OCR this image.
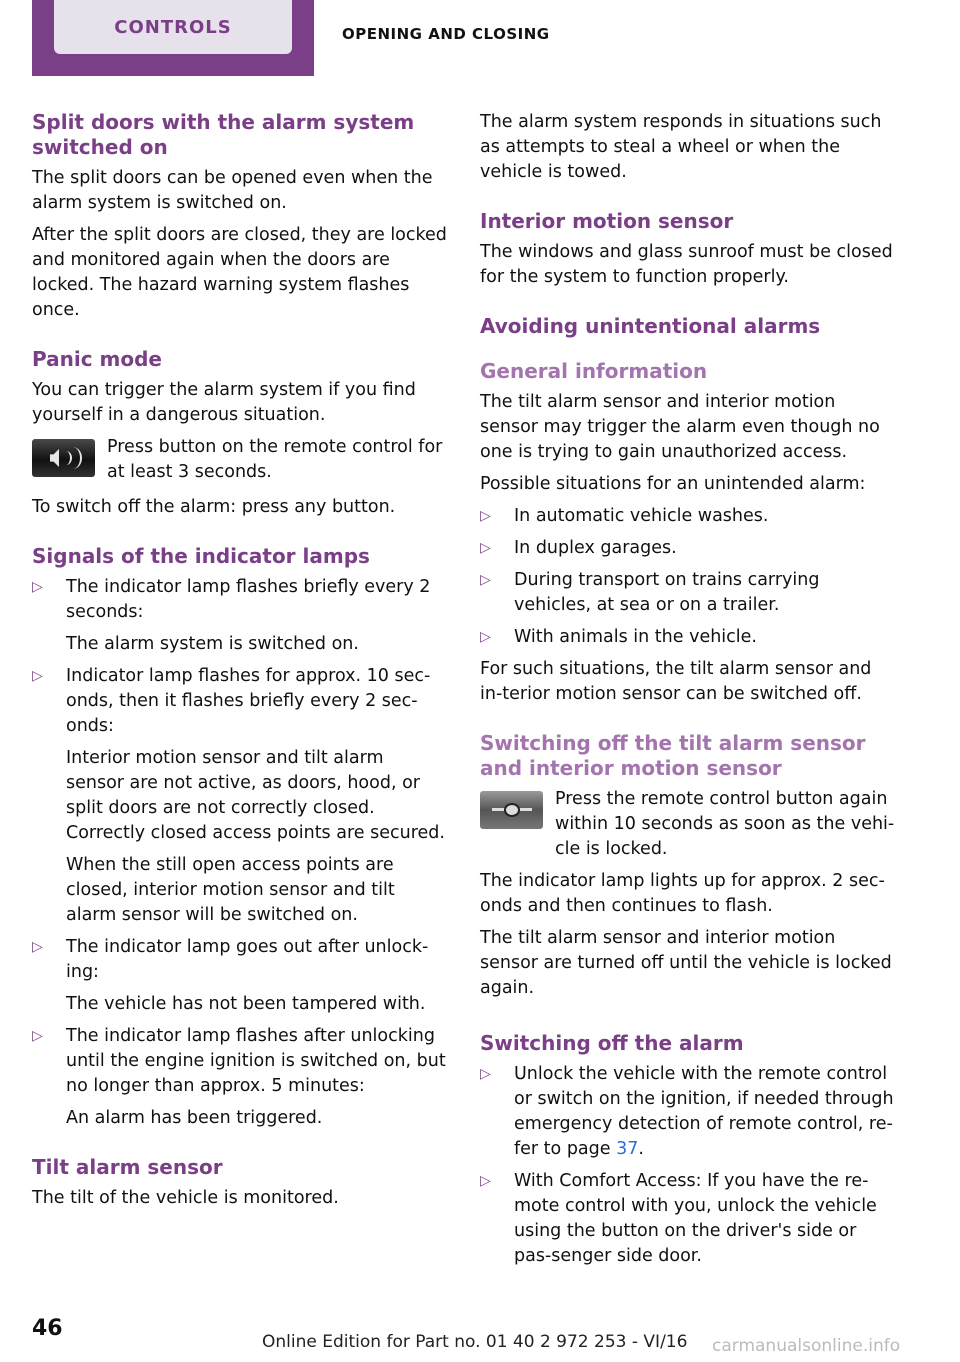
CONTROLS	OPENING AND CLOSING
Split doors with the alarm system switched on

The split doors can be opened even when the alarm system is switched on.

After the split doors are closed, they are locked and monitored again when the doors are locked. The hazard warning system flashes once.

Panic mode

You can trigger the alarm system if you find yourself in a dangerous situation.

Press button on the remote control for at least 3 seconds.

To switch off the alarm: press any button.

Signals of the indicator lamps
▷ The indicator lamp flashes briefly every 2 seconds:

The alarm system is switched on.

▷ Indicator lamp flashes for approx. 10 sec‐onds, then it flashes briefly every 2 sec‐onds:

Interior motion sensor and tilt alarm sensor are not active, as doors, hood, or split doors are not correctly closed. Correctly closed access points are secured.

When the still open access points are closed, interior motion sensor and tilt alarm sensor will be switched on.

▷ The indicator lamp goes out after unlock‐ing:

The vehicle has not been tampered with.

▷ The indicator lamp flashes after unlocking until the engine ignition is switched on, but no longer than approx. 5 minutes:

An alarm has been triggered.

Tilt alarm sensor

The tilt of the vehicle is monitored.

The alarm system responds in situations such as attempts to steal a wheel or when the vehicle is towed.

Interior motion sensor

The windows and glass sunroof must be closed for the system to function properly.

Avoiding unintentional alarms
General information

The tilt alarm sensor and interior motion sensor may trigger the alarm even though no one is trying to gain unauthorized access.

Possible situations for an unintended alarm:

▷ In automatic vehicle washes.
▷ In duplex garages.
▷ During transport on trains carrying vehicles, at sea or on a trailer.
▷ With animals in the vehicle.

For such situations, the tilt alarm sensor and in‐terior motion sensor can be switched off.

Switching off the tilt alarm sensor and interior motion sensor

Press the remote control button again within 10 seconds as soon as the vehi‐cle is locked.

The indicator lamp lights up for approx. 2 sec‐onds and then continues to flash.

The tilt alarm sensor and interior motion sensor are turned off until the vehicle is locked again.

Switching off the alarm
▷ Unlock the vehicle with the remote control or switch on the ignition, if needed through emergency detection of remote control, re‐fer to page 37.
▷ With Comfort Access: If you have the re‐mote control with you, unlock the vehicle using the button on the driver's side or pas‐senger side door.
46
Online Edition for Part no. 01 40 2 972 253 - VI/16 carmanualsonline.info
